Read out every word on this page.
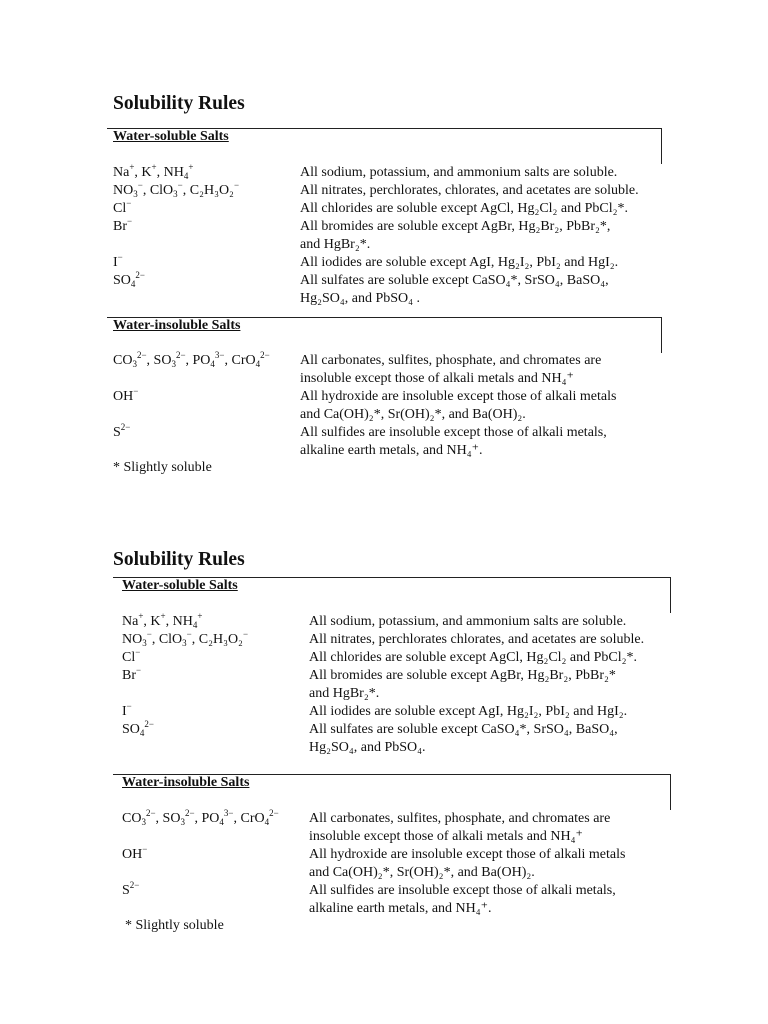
Solubility Rules
Water-soluble Salts
Na+, K+, $NH_4^+$
$NO_3^-$, ClO$_3$−, C₂H₃O₂−
Cl−
Br−
I−
$SO_4^{2-}$
All sodium, potassium, and ammonium salts are soluble.
All nitrates, perchlorates, chlorates, and acetates are soluble.
All chlorides are soluble except AgCl, Hg₂Cl₂ and PbCl₂*.
All bromides are soluble except AgBr, Hg₂Br₂, PbBr₂*,
and HgBr₂*.
All iodides are soluble except AgI, Hg₂I₂, PbI₂ and HgI₂.
All sulfates are soluble except CaSO₄*, SrSO₄, BaSO₄,
Hg₂SO₄, and PbSO₄ .
Water-insoluble Salts
$CO_3^{2-}$, $SO_3^{2-}$, $PO_4^{3-}$, CrO$_4^{2-}$
OH−
$S^{2-}$
All carbonates, sulfites, phosphate, and chromates are
insoluble except those of alkali metals and NH₄⁺
All hydroxide are insoluble except those of alkali metals
and Ca(OH)₂*, Sr(OH)₂*, and Ba(OH)₂.
All sulfides are insoluble except those of alkali metals,
alkaline earth metals, and NH₄⁺.
* Slightly soluble
Solubility Rules
Water-soluble Salts
Na+, K+, $NH_4^+$
$NO_3^-$, ClO$_3$−, C₂H₃O₂−
Cl−
Br−
I−
$SO_4^{2-}$
All sodium, potassium, and ammonium salts are soluble.
All nitrates, perchlorates chlorates, and acetates are soluble.
All chlorides are soluble except AgCl, Hg₂Cl₂ and PbCl₂*.
All bromides are soluble except AgBr, Hg₂Br₂, PbBr₂*
and HgBr₂*.
All iodides are soluble except AgI, Hg₂I₂, PbI₂ and HgI₂.
All sulfates are soluble except CaSO₄*, SrSO₄, BaSO₄,
Hg₂SO₄, and PbSO₄.
Water-insoluble Salts
$CO_3^{2-}$, $SO_3^{2-}$, $PO_4^{3-}$, CrO$_4^{2-}$
OH−
$S^{2-}$
All carbonates, sulfites, phosphate, and chromates are
insoluble except those of alkali metals and NH₄⁺
All hydroxide are insoluble except those of alkali metals
and Ca(OH)₂*, Sr(OH)₂*, and Ba(OH)₂.
All sulfides are insoluble except those of alkali metals,
alkaline earth metals, and NH₄⁺.
* Slightly soluble
